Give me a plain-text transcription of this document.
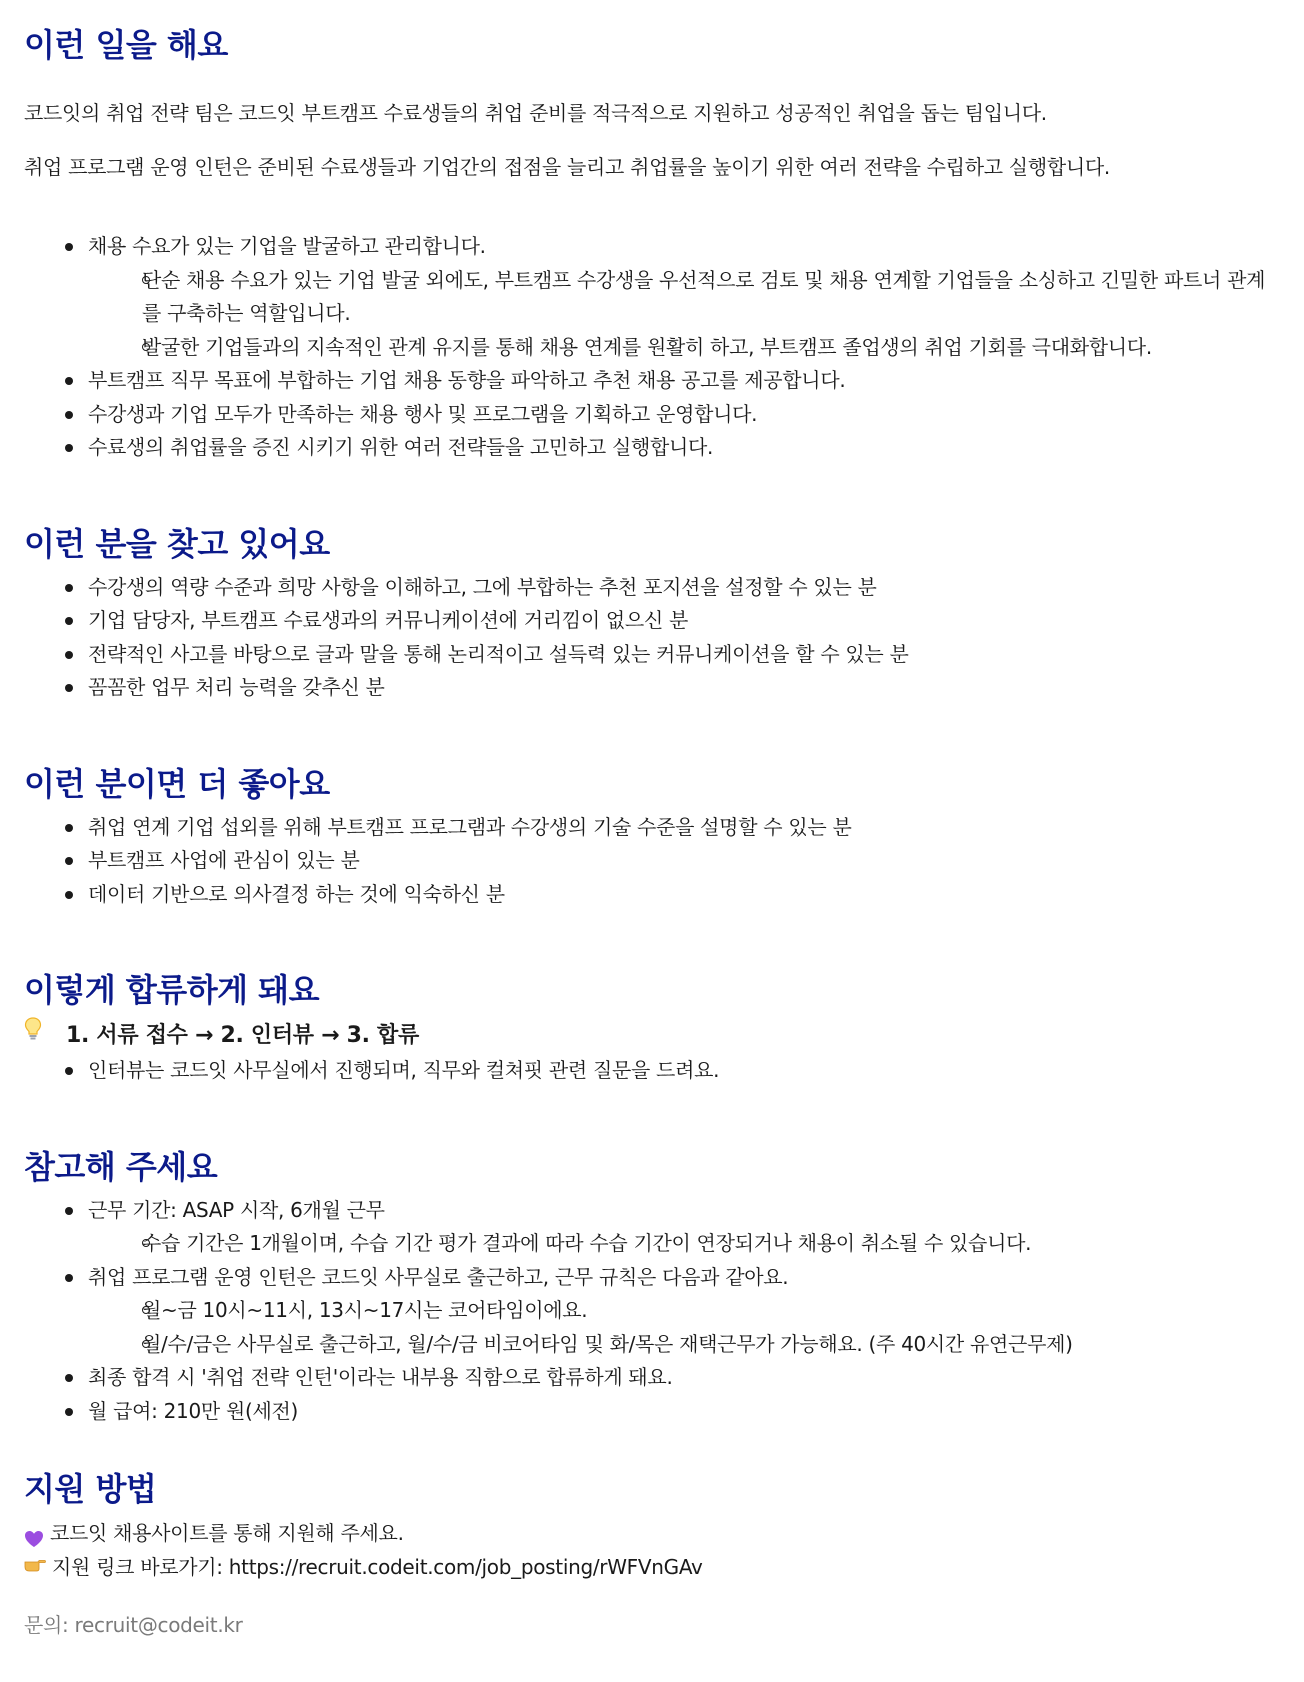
이런 일을 해요

코드잇의 취업 전략 팀은 코드잇 부트캠프 수료생들의 취업 준비를 적극적으로 지원하고 성공적인 취업을 돕는 팀입니다.

취업 프로그램 운영 인턴은 준비된 수료생들과 기업간의 접점을 늘리고 취업률을 높이기 위한 여러 전략을 수립하고 실행합니다.

채용 수요가 있는 기업을 발굴하고 관리합니다.
단순 채용 수요가 있는 기업 발굴 외에도, 부트캠프 수강생을 우선적으로 검토 및 채용 연계할 기업들을 소싱하고 긴밀한 파트너 관계를 구축하는 역할입니다.
발굴한 기업들과의 지속적인 관계 유지를 통해 채용 연계를 원활히 하고, 부트캠프 졸업생의 취업 기회를 극대화합니다.
부트캠프 직무 목표에 부합하는 기업 채용 동향을 파악하고 추천 채용 공고를 제공합니다.
수강생과 기업 모두가 만족하는 채용 행사 및 프로그램을 기획하고 운영합니다.
수료생의 취업률을 증진 시키기 위한 여러 전략들을 고민하고 실행합니다.
이런 분을 찾고 있어요
수강생의 역량 수준과 희망 사항을 이해하고, 그에 부합하는 추천 포지션을 설정할 수 있는 분
기업 담당자, 부트캠프 수료생과의 커뮤니케이션에 거리낌이 없으신 분
전략적인 사고를 바탕으로 글과 말을 통해 논리적이고 설득력 있는 커뮤니케이션을 할 수 있는 분
꼼꼼한 업무 처리 능력을 갖추신 분
이런 분이면 더 좋아요
취업 연계 기업 섭외를 위해 부트캠프 프로그램과 수강생의 기술 수준을 설명할 수 있는 분
부트캠프 사업에 관심이 있는 분
데이터 기반으로 의사결정 하는 것에 익숙하신 분
이렇게 합류하게 돼요
1. 서류 접수 → 2. 인터뷰 → 3. 합류
인터뷰는 코드잇 사무실에서 진행되며, 직무와 컬쳐핏 관련 질문을 드려요.
참고해 주세요
근무 기간: ASAP 시작, 6개월 근무
수습 기간은 1개월이며, 수습 기간 평가 결과에 따라 수습 기간이 연장되거나 채용이 취소될 수 있습니다.
취업 프로그램 운영 인턴은 코드잇 사무실로 출근하고, 근무 규칙은 다음과 같아요.
월~금 10시~11시, 13시~17시는 코어타임이에요.
월/수/금은 사무실로 출근하고, 월/수/금 비코어타임 및 화/목은 재택근무가 가능해요. (주 40시간 유연근무제)
최종 합격 시 '취업 전략 인턴'이라는 내부용 직함으로 합류하게 돼요.
월 급여: 210만 원(세전)
지원 방법
코드잇 채용사이트를 통해 지원해 주세요.
지원 링크 바로가기: https://recruit.codeit.com/job_posting/rWFVnGAv
문의: recruit@codeit.kr
